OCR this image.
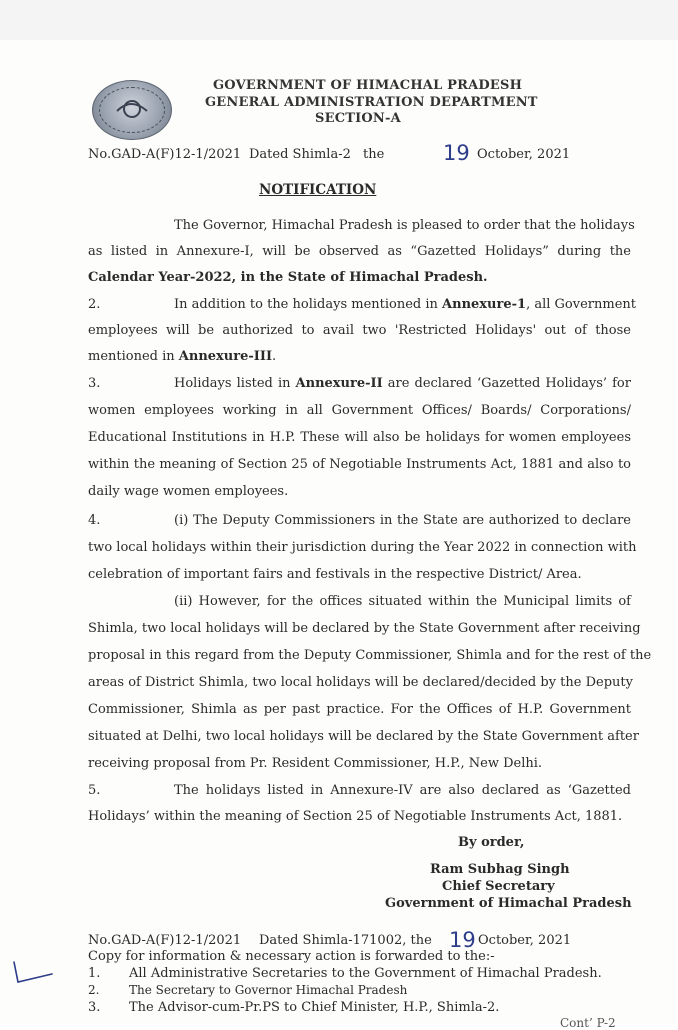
GOVERNMENT OF HIMACHAL PRADESH
GENERAL ADMINISTRATION DEPARTMENT
SECTION-A
No.GAD-A(F)12-1/2021 Dated Shimla-2 the	19 October, 2021
NOTIFICATION
The Governor, Himachal Pradesh is pleased to order that the holidays
as listed in Annexure-I, will be observed as “Gazetted Holidays” during the
Calendar Year-2022, in the State of Himachal Pradesh.
2.	In addition to the holidays mentioned in Annexure-1, all Government
employees will be authorized to avail two 'Restricted Holidays' out of those
mentioned in Annexure-III.
3.	Holidays listed in Annexure-II are declared ‘Gazetted Holidays’ for
women employees working in all Government Offices/ Boards/ Corporations/
Educational Institutions in H.P. These will also be holidays for women employees
within the meaning of Section 25 of Negotiable Instruments Act, 1881 and also to
daily wage women employees.
4.	(i) The Deputy Commissioners in the State are authorized to declare
two local holidays within their jurisdiction during the Year 2022 in connection with
celebration of important fairs and festivals in the respective District/ Area.
(ii) However, for the offices situated within the Municipal limits of
Shimla, two local holidays will be declared by the State Government after receiving
proposal in this regard from the Deputy Commissioner, Shimla and for the rest of the
areas of District Shimla, two local holidays will be declared/decided by the Deputy
Commissioner, Shimla as per past practice. For the Offices of H.P. Government
situated at Delhi, two local holidays will be declared by the State Government after
receiving proposal from Pr. Resident Commissioner, H.P., New Delhi.
5.	The holidays listed in Annexure-IV are also declared as ‘Gazetted
Holidays’ within the meaning of Section 25 of Negotiable Instruments Act, 1881.
By order,
Ram Subhag Singh
Chief Secretary
Government of Himachal Pradesh
No.GAD-A(F)12-1/2021 Dated Shimla-171002, the 19 October, 2021
Copy for information & necessary action is forwarded to the:-
1. All Administrative Secretaries to the Government of Himachal Pradesh.
2. The Secretary to Governor Himachal Pradesh
3. The Advisor-cum-Pr.PS to Chief Minister, H.P., Shimla-2.
Cont’ P-2
